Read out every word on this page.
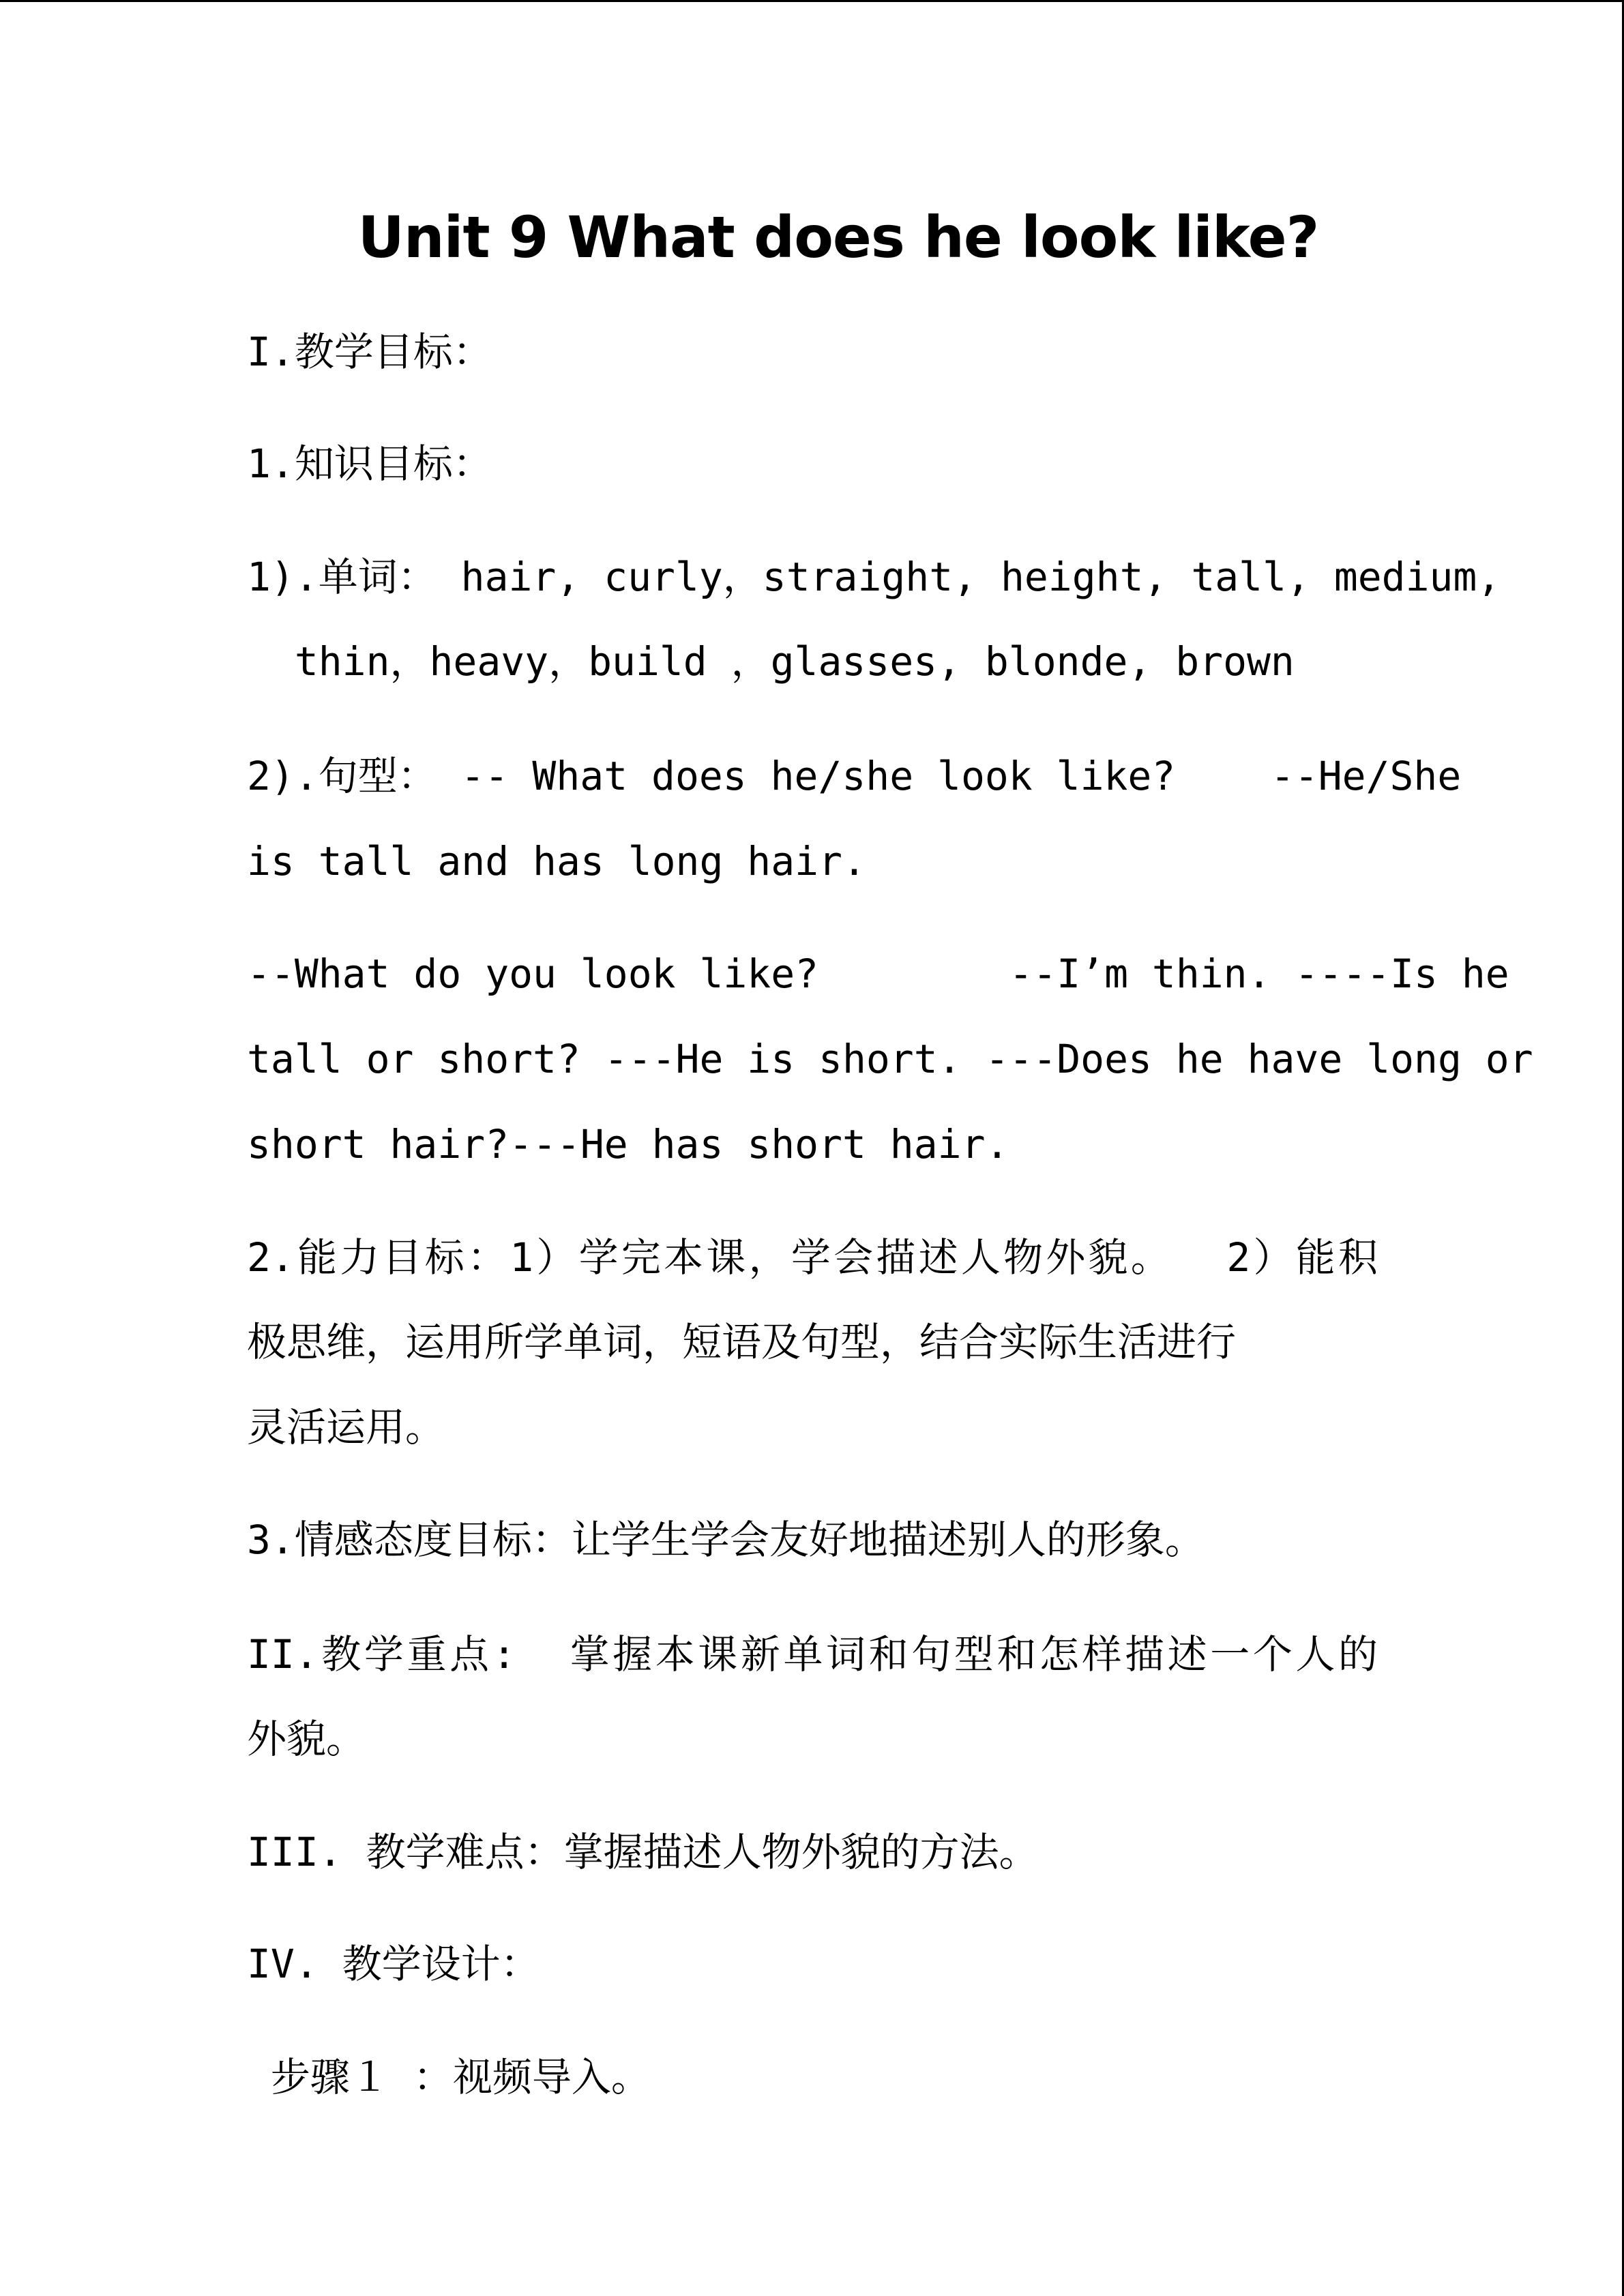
Unit 9 What does he look like?
I.教学目标：
1.知识目标：
1).单词： hair, curly，straight, height, tall, medium,
thin，heavy，build ，glasses, blonde, brown
2).句型： -- What does he/she look like?    --He/She
is tall and has long hair.
--What do you look like?        --I’m thin. ----Is he
tall or short? ---He is short. ---Does he have long or
short hair?---He has short hair.
2.能力目标：1）学完本课，学会描述人物外貌。  2）能积
极思维，运用所学单词，短语及句型，结合实际生活进行
灵活运用。
3.情感态度目标：让学生学会友好地描述别人的形象。
II.教学重点:  掌握本课新单词和句型和怎样描述一个人的
外貌。
III. 教学难点：掌握描述人物外貌的方法。
IV. 教学设计：
步骤１ ：视频导入。
